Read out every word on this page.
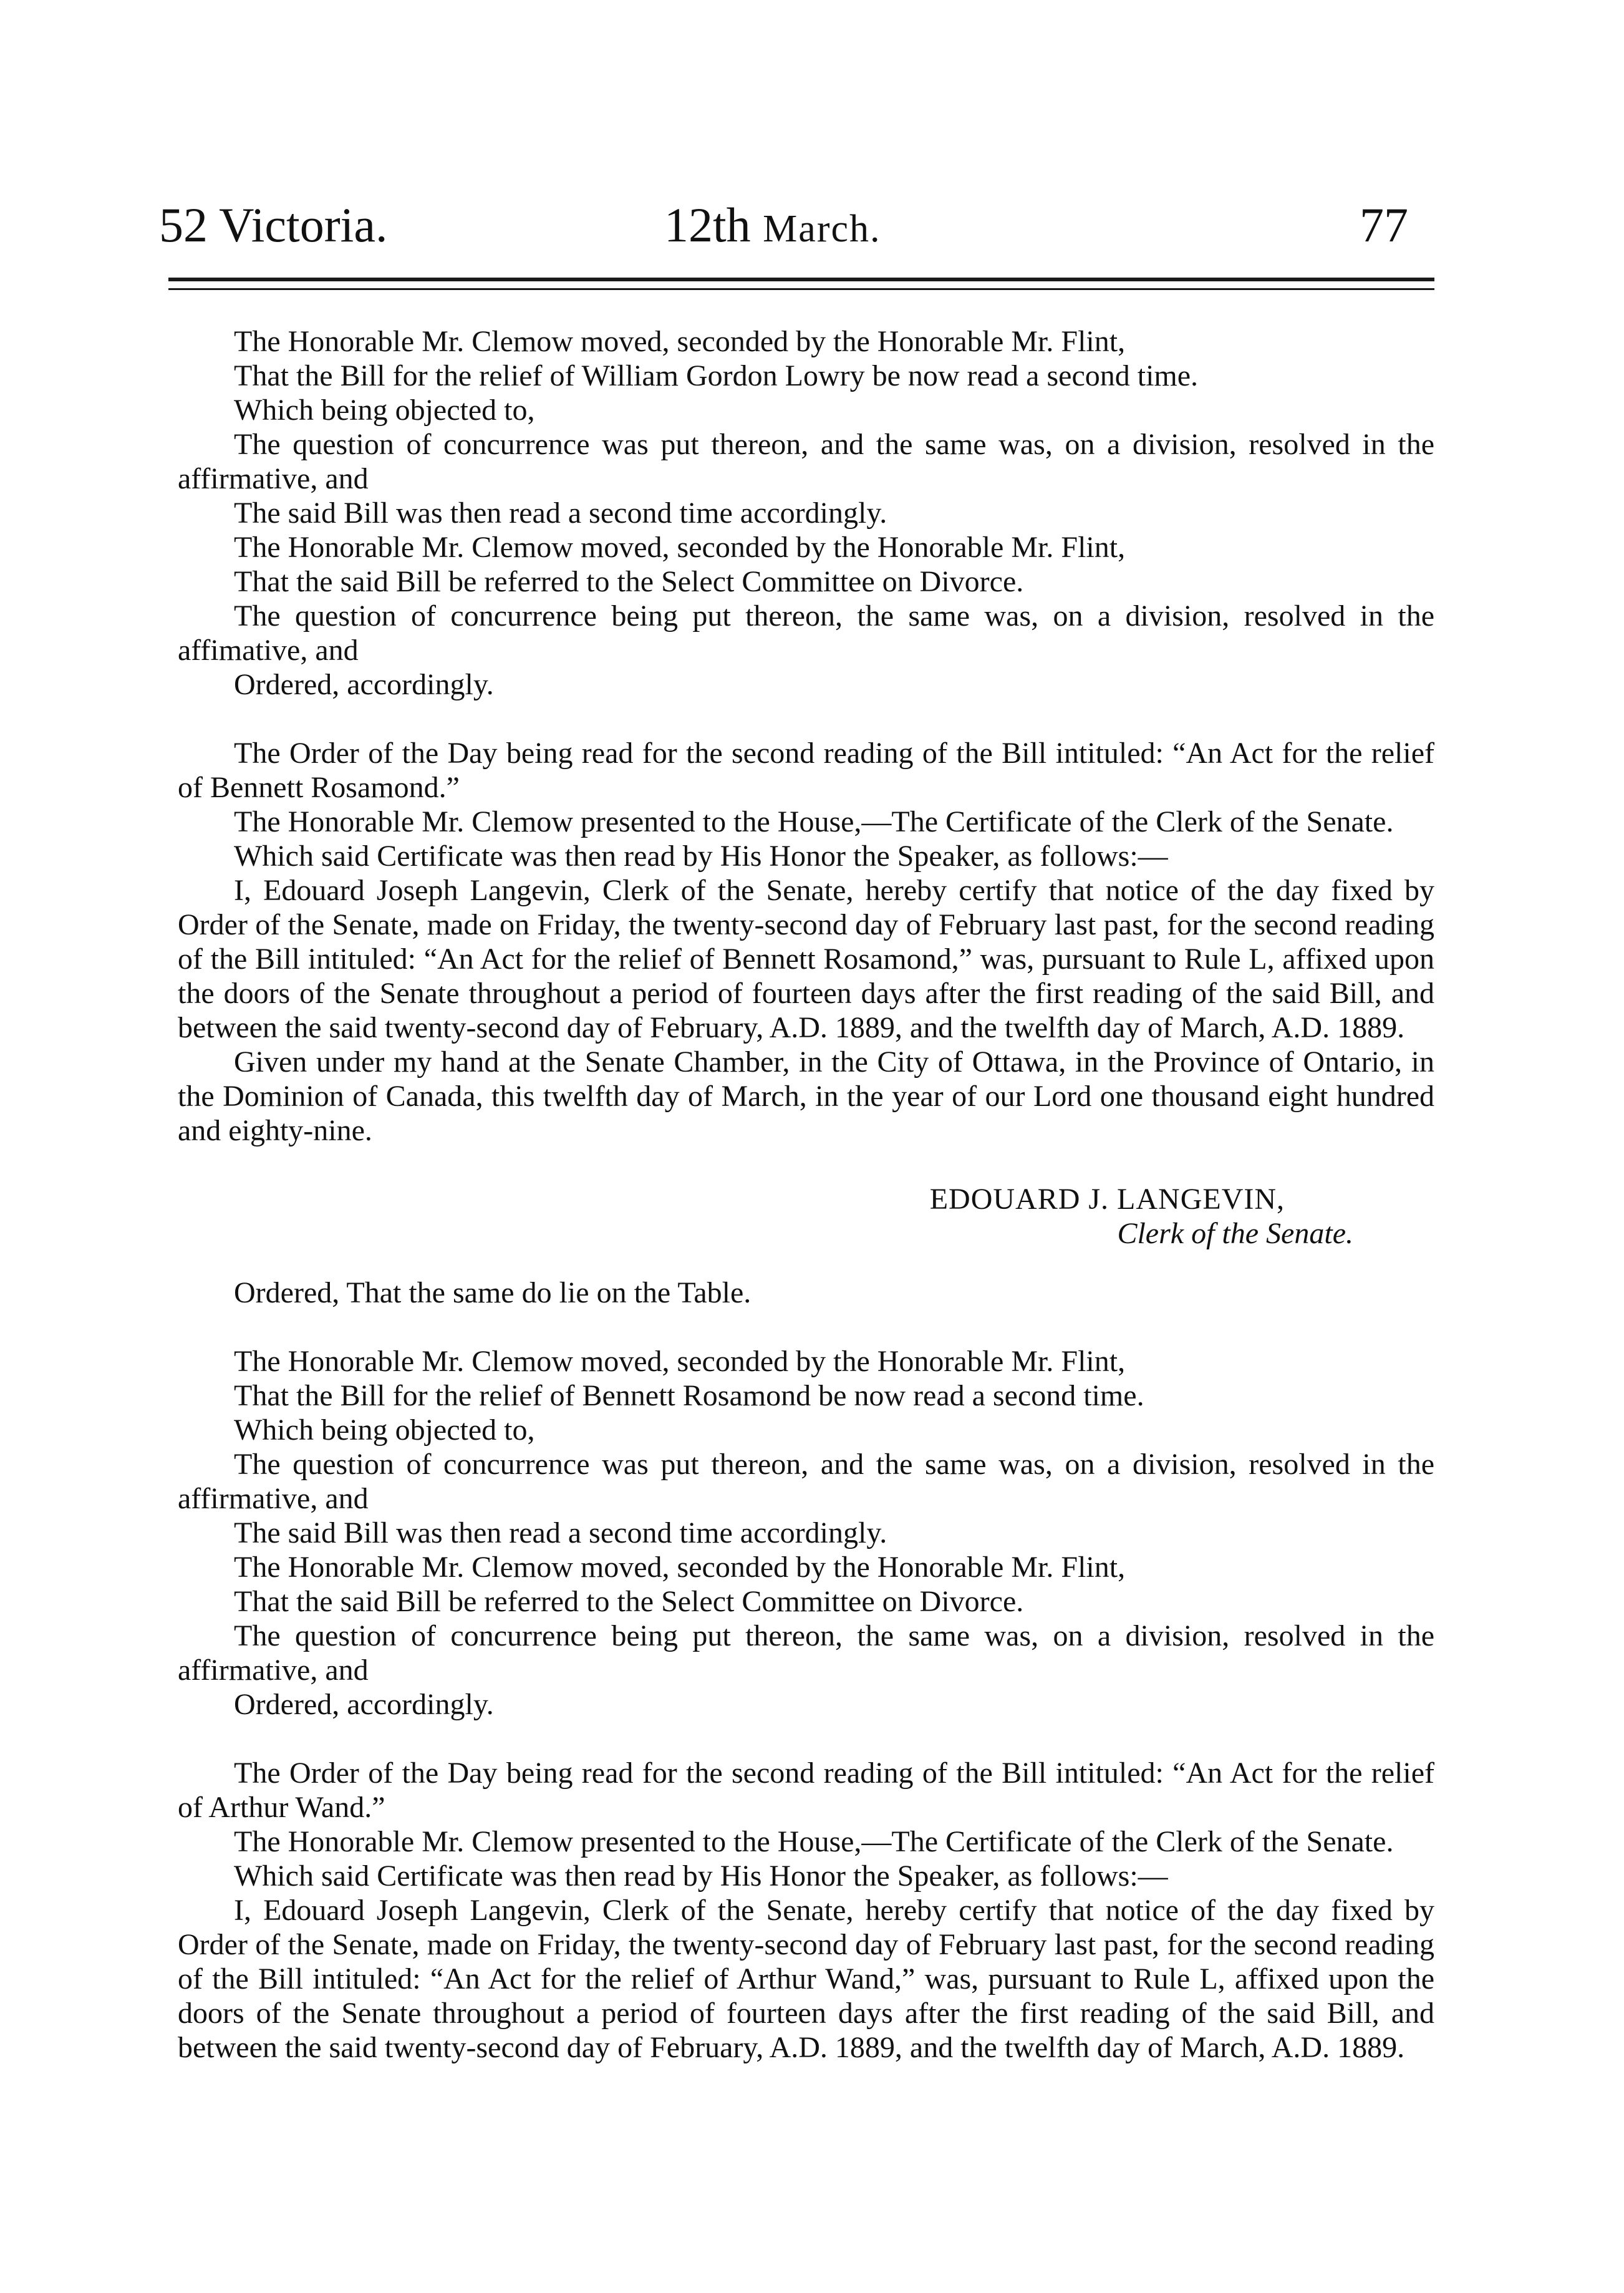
52 Victoria.	12th March.	77

The Honorable Mr. Clemow moved, seconded by the Honorable Mr. Flint,

That the Bill for the relief of William Gordon Lowry be now read a second time.

Which being objected to,

The question of concurrence was put thereon, and the same was, on a division, resolved in the affirmative, and

The said Bill was then read a second time accordingly.

The Honorable Mr. Clemow moved, seconded by the Honorable Mr. Flint,

That the said Bill be referred to the Select Committee on Divorce.

The question of concurrence being put thereon, the same was, on a division, resolved in the affimative, and

Ordered, accordingly.

The Order of the Day being read for the second reading of the Bill intituled: “An Act for the relief of Bennett Rosamond.”

The Honorable Mr. Clemow presented to the House,—The Certificate of the Clerk of the Senate.

Which said Certificate was then read by His Honor the Speaker, as follows:—

I, Edouard Joseph Langevin, Clerk of the Senate, hereby certify that notice of the day fixed by Order of the Senate, made on Friday, the twenty-second day of February last past, for the second reading of the Bill intituled: “An Act for the relief of Bennett Rosamond,” was, pursuant to Rule L, affixed upon the doors of the Senate throughout a period of fourteen days after the first reading of the said Bill, and between the said twenty-second day of February, A.D. 1889, and the twelfth day of March, A.D. 1889.

Given under my hand at the Senate Chamber, in the City of Ottawa, in the Province of Ontario, in the Dominion of Canada, this twelfth day of March, in the year of our Lord one thousand eight hundred and eighty-nine.

EDOUARD J. LANGEVIN,

Clerk of the Senate.

Ordered, That the same do lie on the Table.

The Honorable Mr. Clemow moved, seconded by the Honorable Mr. Flint,

That the Bill for the relief of Bennett Rosamond be now read a second time.

Which being objected to,

The question of concurrence was put thereon, and the same was, on a division, resolved in the affirmative, and

The said Bill was then read a second time accordingly.

The Honorable Mr. Clemow moved, seconded by the Honorable Mr. Flint,

That the said Bill be referred to the Select Committee on Divorce.

The question of concurrence being put thereon, the same was, on a division, resolved in the affirmative, and

Ordered, accordingly.

The Order of the Day being read for the second reading of the Bill intituled: “An Act for the relief of Arthur Wand.”

The Honorable Mr. Clemow presented to the House,—The Certificate of the Clerk of the Senate.

Which said Certificate was then read by His Honor the Speaker, as follows:—

I, Edouard Joseph Langevin, Clerk of the Senate, hereby certify that notice of the day fixed by Order of the Senate, made on Friday, the twenty-second day of February last past, for the second reading of the Bill intituled: “An Act for the relief of Arthur Wand,” was, pursuant to Rule L, affixed upon the doors of the Senate throughout a period of fourteen days after the first reading of the said Bill, and between the said twenty-second day of February, A.D. 1889, and the twelfth day of March, A.D. 1889.
